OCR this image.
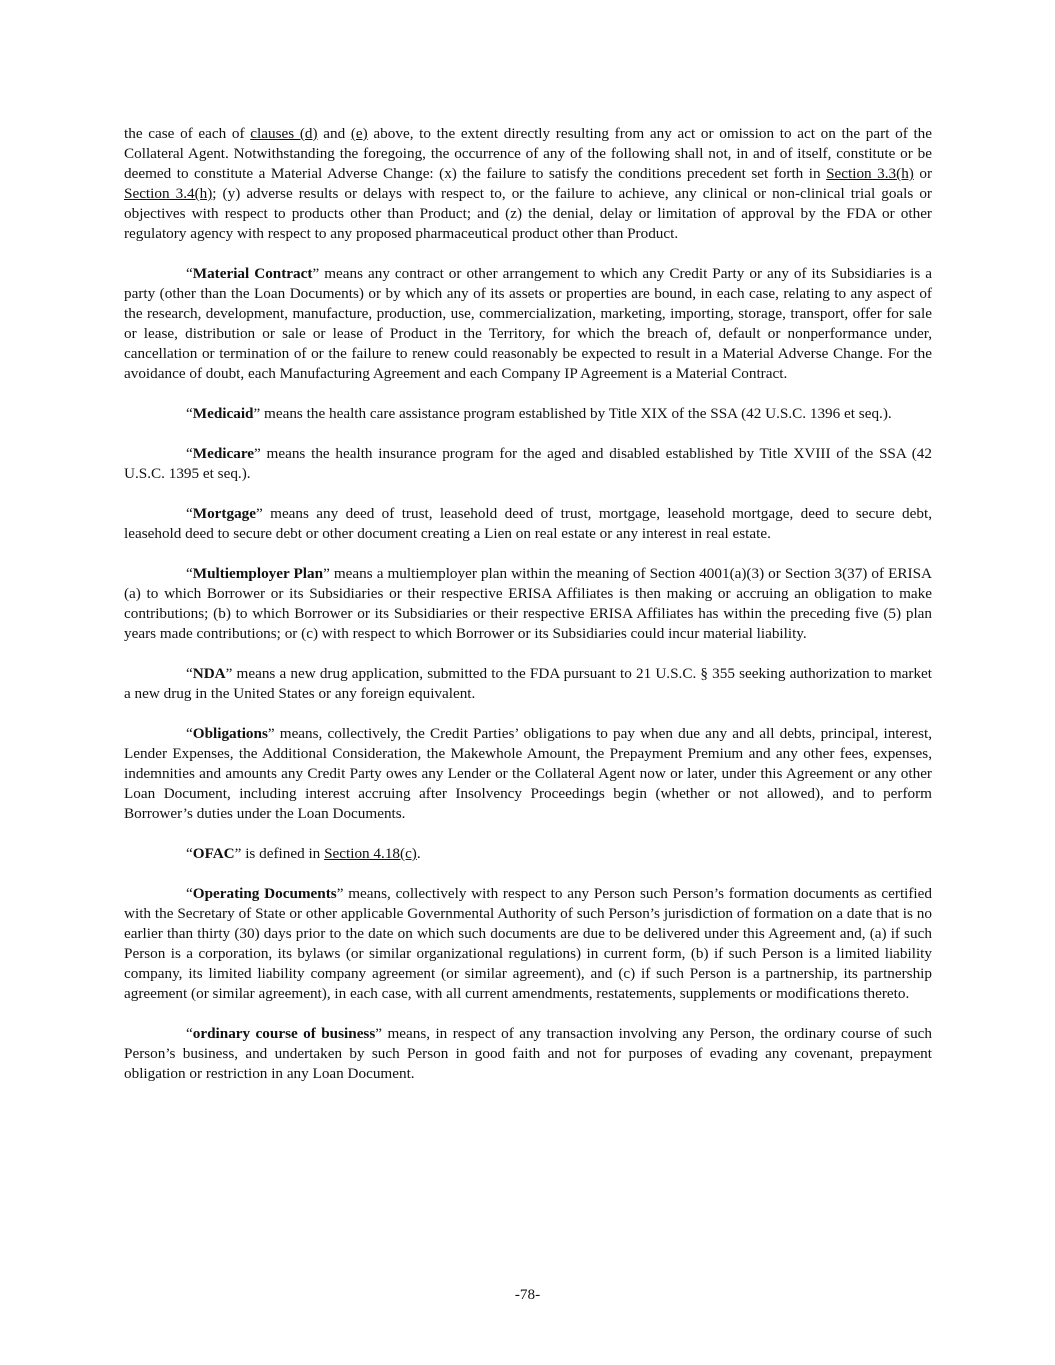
the case of each of clauses (d) and (e) above, to the extent directly resulting from any act or omission to act on the part of the Collateral Agent. Notwithstanding the foregoing, the occurrence of any of the following shall not, in and of itself, constitute or be deemed to constitute a Material Adverse Change: (x) the failure to satisfy the conditions precedent set forth in Section 3.3(h) or Section 3.4(h); (y) adverse results or delays with respect to, or the failure to achieve, any clinical or non-clinical trial goals or objectives with respect to products other than Product; and (z) the denial, delay or limitation of approval by the FDA or other regulatory agency with respect to any proposed pharmaceutical product other than Product.

“Material Contract” means any contract or other arrangement to which any Credit Party or any of its Subsidiaries is a party (other than the Loan Documents) or by which any of its assets or properties are bound, in each case, relating to any aspect of the research, development, manufacture, production, use, commercialization, marketing, importing, storage, transport, offer for sale or lease, distribution or sale or lease of Product in the Territory, for which the breach of, default or nonperformance under, cancellation or termination of or the failure to renew could reasonably be expected to result in a Material Adverse Change. For the avoidance of doubt, each Manufacturing Agreement and each Company IP Agreement is a Material Contract.

“Medicaid” means the health care assistance program established by Title XIX of the SSA (42 U.S.C. 1396 et seq.).

“Medicare” means the health insurance program for the aged and disabled established by Title XVIII of the SSA (42 U.S.C. 1395 et seq.).

“Mortgage” means any deed of trust, leasehold deed of trust, mortgage, leasehold mortgage, deed to secure debt, leasehold deed to secure debt or other document creating a Lien on real estate or any interest in real estate.

“Multiemployer Plan” means a multiemployer plan within the meaning of Section 4001(a)(3) or Section 3(37) of ERISA (a) to which Borrower or its Subsidiaries or their respective ERISA Affiliates is then making or accruing an obligation to make contributions; (b) to which Borrower or its Subsidiaries or their respective ERISA Affiliates has within the preceding five (5) plan years made contributions; or (c) with respect to which Borrower or its Subsidiaries could incur material liability.

“NDA” means a new drug application, submitted to the FDA pursuant to 21 U.S.C. § 355 seeking authorization to market a new drug in the United States or any foreign equivalent.

“Obligations” means, collectively, the Credit Parties’ obligations to pay when due any and all debts, principal, interest, Lender Expenses, the Additional Consideration, the Makewhole Amount, the Prepayment Premium and any other fees, expenses, indemnities and amounts any Credit Party owes any Lender or the Collateral Agent now or later, under this Agreement or any other Loan Document, including interest accruing after Insolvency Proceedings begin (whether or not allowed), and to perform Borrower’s duties under the Loan Documents.

“OFAC” is defined in Section 4.18(c).

“Operating Documents” means, collectively with respect to any Person such Person’s formation documents as certified with the Secretary of State or other applicable Governmental Authority of such Person’s jurisdiction of formation on a date that is no earlier than thirty (30) days prior to the date on which such documents are due to be delivered under this Agreement and, (a) if such Person is a corporation, its bylaws (or similar organizational regulations) in current form, (b) if such Person is a limited liability company, its limited liability company agreement (or similar agreement), and (c) if such Person is a partnership, its partnership agreement (or similar agreement), in each case, with all current amendments, restatements, supplements or modifications thereto.

“ordinary course of business” means, in respect of any transaction involving any Person, the ordinary course of such Person’s business, and undertaken by such Person in good faith and not for purposes of evading any covenant, prepayment obligation or restriction in any Loan Document.

-78-
